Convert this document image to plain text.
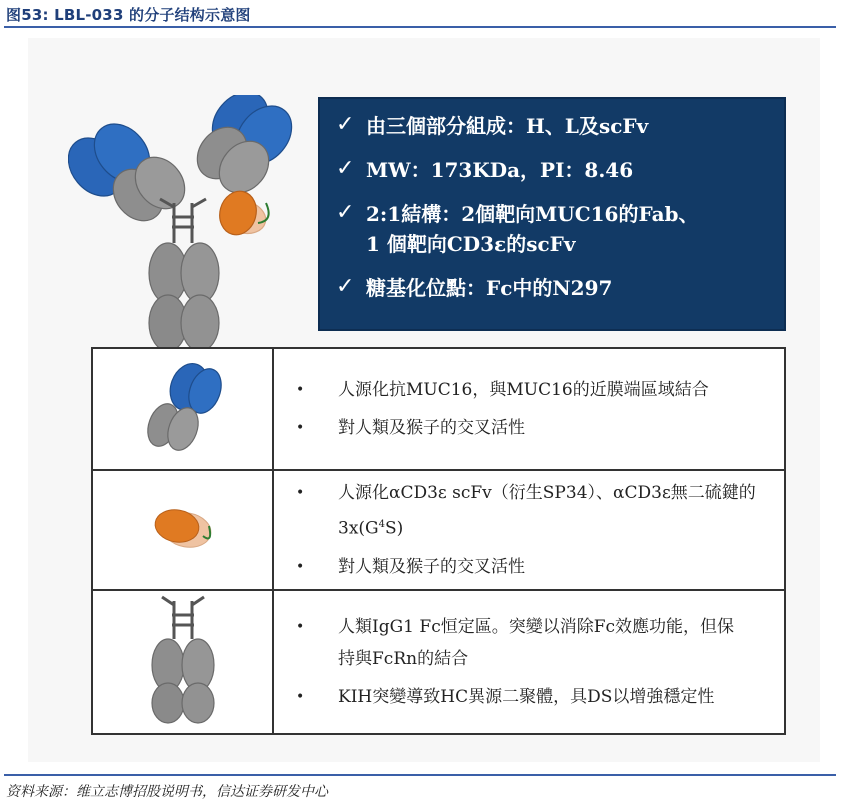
图53: LBL-033 的分子结构示意图
✓ 由三個部分組成：H、L及scFv
✓ MW：173KDa，PI：8.46
✓ 2:1結構：2個靶向MUC16的Fab、
1 個靶向CD3ε的scFv
✓ 糖基化位點：Fc中的N297

• 人源化抗MUC16，與MUC16的近膜端區域結合
• 對人類及猴子的交叉活性

• 人源化αCD3ε scFv（衍生SP34）、αCD3ε無二硫鍵的
$3x(G^4S)$
• 對人類及猴子的交叉活性

• 人類IgG1 Fc恒定區。突變以消除Fc效應功能，但保
持與FcRn的結合
• KIH突變導致HC異源二聚體，具DS以增強穩定性
资料来源：维立志博招股说明书，信达证券研发中心
